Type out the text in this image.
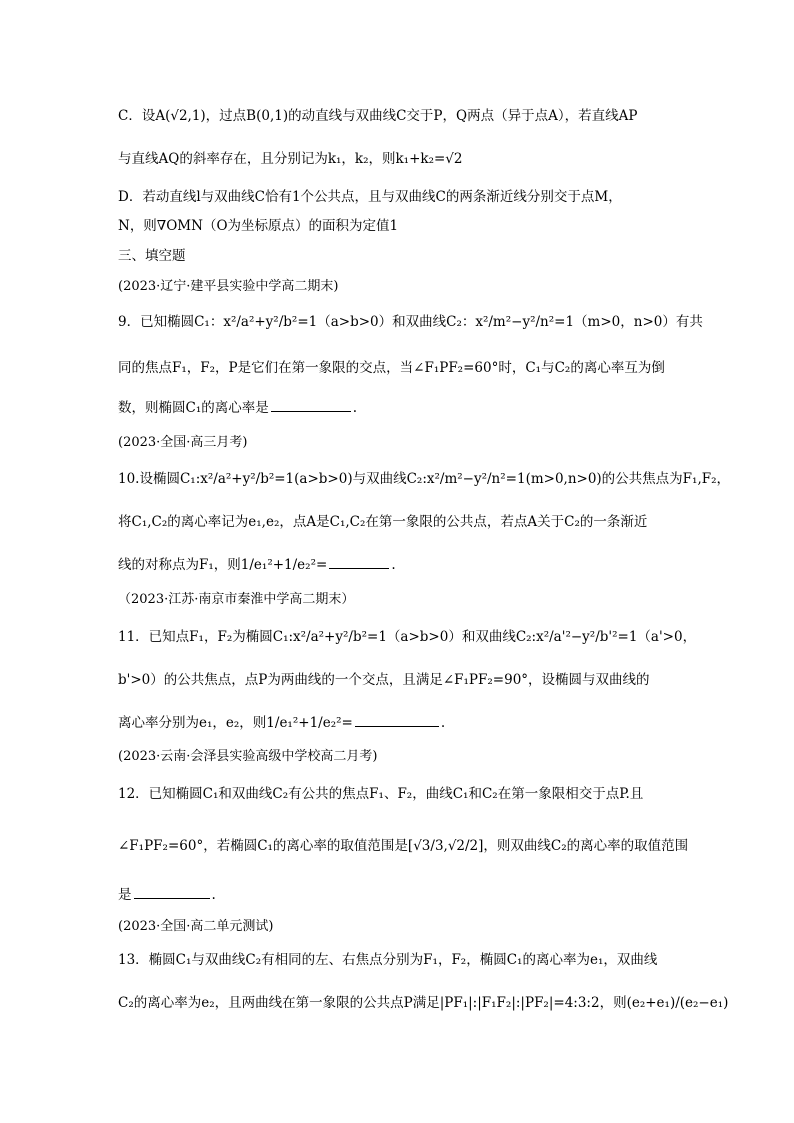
C．设A(√2,1)，过点B(0,1)的动直线与双曲线C交于P，Q两点（异于点A），若直线AP
与直线AQ的斜率存在，且分别记为k₁，k₂，则k₁+k₂=√2
D．若动直线l与双曲线C恰有1个公共点，且与双曲线C的两条渐近线分别交于点M，
N，则∇OMN（O为坐标原点）的面积为定值1
三、填空题
(2023·辽宁·建平县实验中学高二期末)
9．已知椭圆C₁：x²/a²+y²/b²=1（a>b>0）和双曲线C₂：x²/m²−y²/n²=1（m>0，n>0）有共
同的焦点F₁，F₂，P是它们在第一象限的交点，当∠F₁PF₂=60°时，C₁与C₂的离心率互为倒
数，则椭圆C₁的离心率是	.
(2023·全国·高三月考)
10.设椭圆C₁:x²/a²+y²/b²=1(a>b>0)与双曲线C₂:x²/m²−y²/n²=1(m>0,n>0)的公共焦点为F₁,F₂，
将C₁,C₂的离心率记为e₁,e₂，点A是C₁,C₂在第一象限的公共点，若点A关于C₂的一条渐近
线的对称点为F₁，则1/e₁²+1/e₂²=	.
（2023·江苏·南京市秦淮中学高二期末）
11．已知点F₁，F₂为椭圆C₁:x²/a²+y²/b²=1（a>b>0）和双曲线C₂:x²/a'²−y²/b'²=1（a'>0，
b'>0）的公共焦点，点P为两曲线的一个交点，且满足∠F₁PF₂=90°，设椭圆与双曲线的
离心率分别为e₁，e₂，则1/e₁²+1/e₂²=	.
(2023·云南·会泽县实验高级中学校高二月考)
12．已知椭圆C₁和双曲线C₂有公共的焦点F₁、F₂，曲线C₁和C₂在第一象限相交于点P.且
∠F₁PF₂=60°，若椭圆C₁的离心率的取值范围是[√3/3,√2/2]，则双曲线C₂的离心率的取值范围
是	.
(2023·全国·高二单元测试)
13．椭圆C₁与双曲线C₂有相同的左、右焦点分别为F₁，F₂，椭圆C₁的离心率为e₁，双曲线
C₂的离心率为e₂，且两曲线在第一象限的公共点P满足|PF₁|:|F₁F₂|:|PF₂|=4:3:2，则(e₂+e₁)/(e₂−e₁)
